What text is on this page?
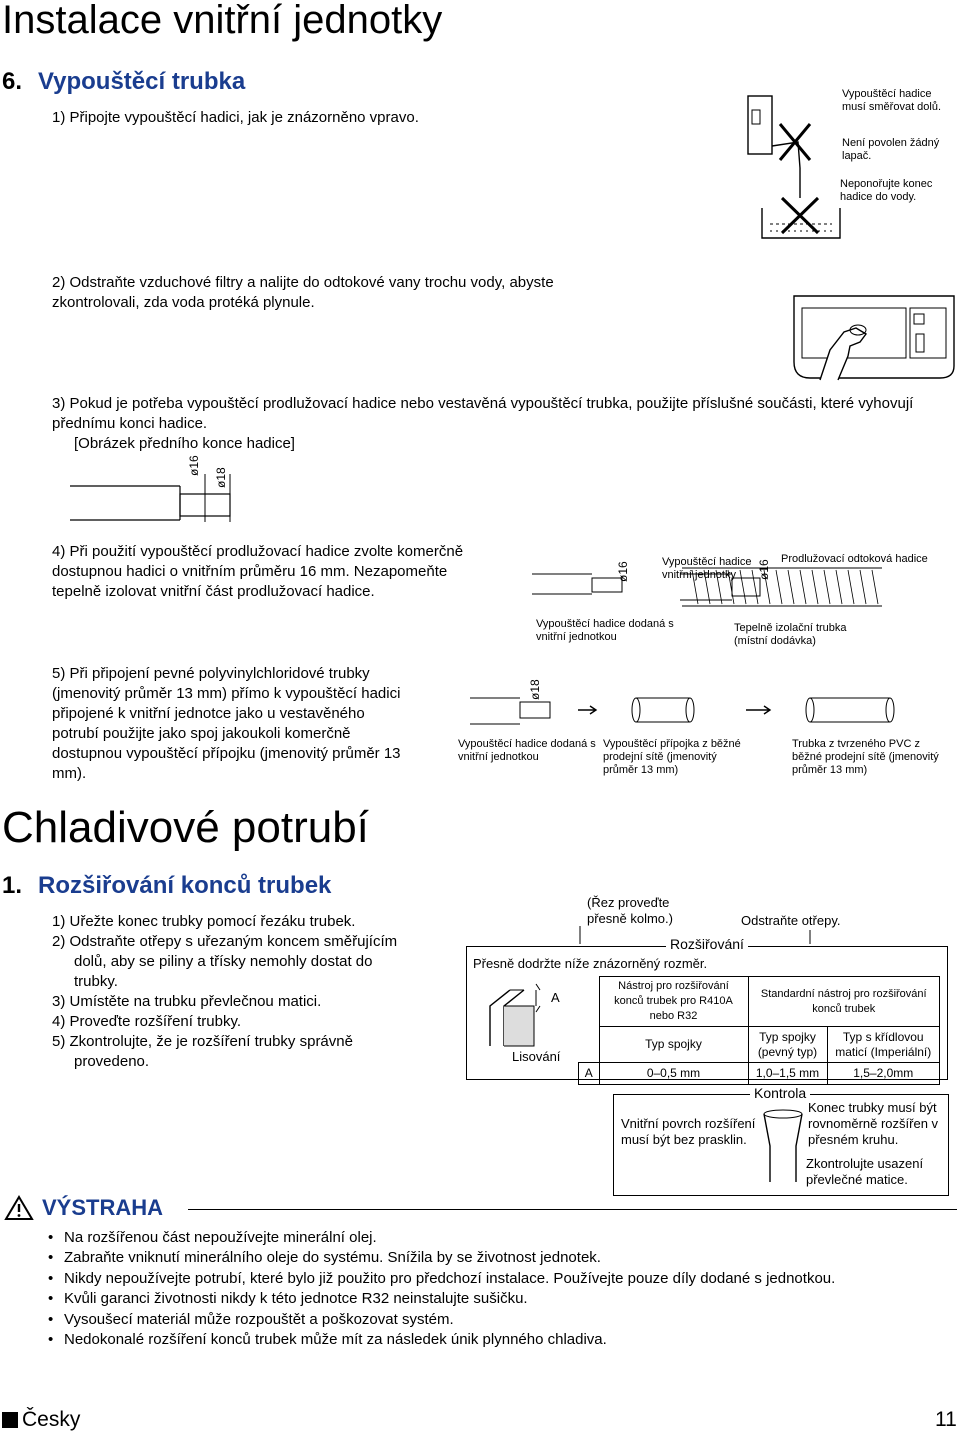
Instalace vnitřní jednotky
6. Vypouštěcí trubka
1) Připojte vypouštěcí hadici, jak je znázorněno vpravo.
Vypouštěcí hadice musí směřovat dolů.
Není povolen žádný lapač.
Neponořujte konec hadice do vody.
2) Odstraňte vzduchové filtry a nalijte do odtokové vany trochu vody, abyste zkontrolovali, zda voda protéká plynule.
3) Pokud je potřeba vypouštěcí prodlužovací hadice nebo vestavěná vypouštěcí trubka, použijte příslušné součásti, které vyhovují přednímu konci hadice.
[Obrázek předního konce hadice]
ø16
ø18
4) Při použití vypouštěcí prodlužovací hadice zvolte komerčně dostupnou hadici o vnitřním průměru 16 mm. Nezapomeňte tepelně izolovat vnitřní část prodlužovací hadice.
ø16	ø16
Vypouštěcí hadice dodaná s vnitřní jednotkou
Vypouštěcí hadice vnitřní jednotky
Prodlužovací odtoková hadice
Tepelně izolační trubka (místní dodávka)
5) Při připojení pevné polyvinylchloridové trubky (jmenovitý průměr 13 mm) přímo k vypouštěcí hadici připojené k vnitřní jednotce jako u vestavěného potrubí použijte jako spoj jakoukoli komerčně dostupnou vypouštěcí přípojku (jmenovitý průměr 13 mm).
ø18
Vypouštěcí hadice dodaná s vnitřní jednotkou
Vypouštěcí přípojka z běžné prodejní sítě (jmenovitý průměr 13 mm)
Trubka z tvrzeného PVC z běžné prodejní sítě (jmenovitý průměr 13 mm)
Chladivové potrubí
1. Rozšiřování konců trubek
1) Uřežte konec trubky pomocí řezáku trubek.
2) Odstraňte otřepy s uřezaným koncem směřujícím dolů, aby se piliny a třísky nemohly dostat do trubky.
3) Umístěte na trubku převlečnou matici.
4) Proveďte rozšíření trubky.
5) Zkontrolujte, že je rozšíření trubky správně provedeno.
(Řez proveďte přesně kolmo.)	Odstraňte otřepy.
Rozšiřování
Přesně dodržte níže znázorněný rozměr.
A
Lisování
	Nástroj pro rozšiřování konců trubek pro R410A nebo R32	Standardní nástroj pro rozšiřování konců trubek	
	Typ spojky	Typ spojky (pevný typ)	Typ s křídlovou maticí (Imperiální)
A	0–0,5 mm	1,0–1,5 mm	1,5–2,0mm
Kontrola
Vnitřní povrch rozšíření musí být bez prasklin.
Konec trubky musí být rovnoměrně rozšířen v přesném kruhu.
Zkontrolujte usazení převlečné matice.
VÝSTRAHA
• Na rozšířenou část nepoužívejte minerální olej.
• Zabraňte vniknutí minerálního oleje do systému. Snížila by se životnost jednotek.
• Nikdy nepoužívejte potrubí, které bylo již použito pro předchozí instalace. Používejte pouze díly dodané s jednotkou.
• Kvůli garanci životnosti nikdy k této jednotce R32 neinstalujte sušičku.
• Vysoušecí materiál může rozpouštět a poškozovat systém.
• Nedokonalé rozšíření konců trubek může mít za následek únik plynného chladiva.
Česky	11
